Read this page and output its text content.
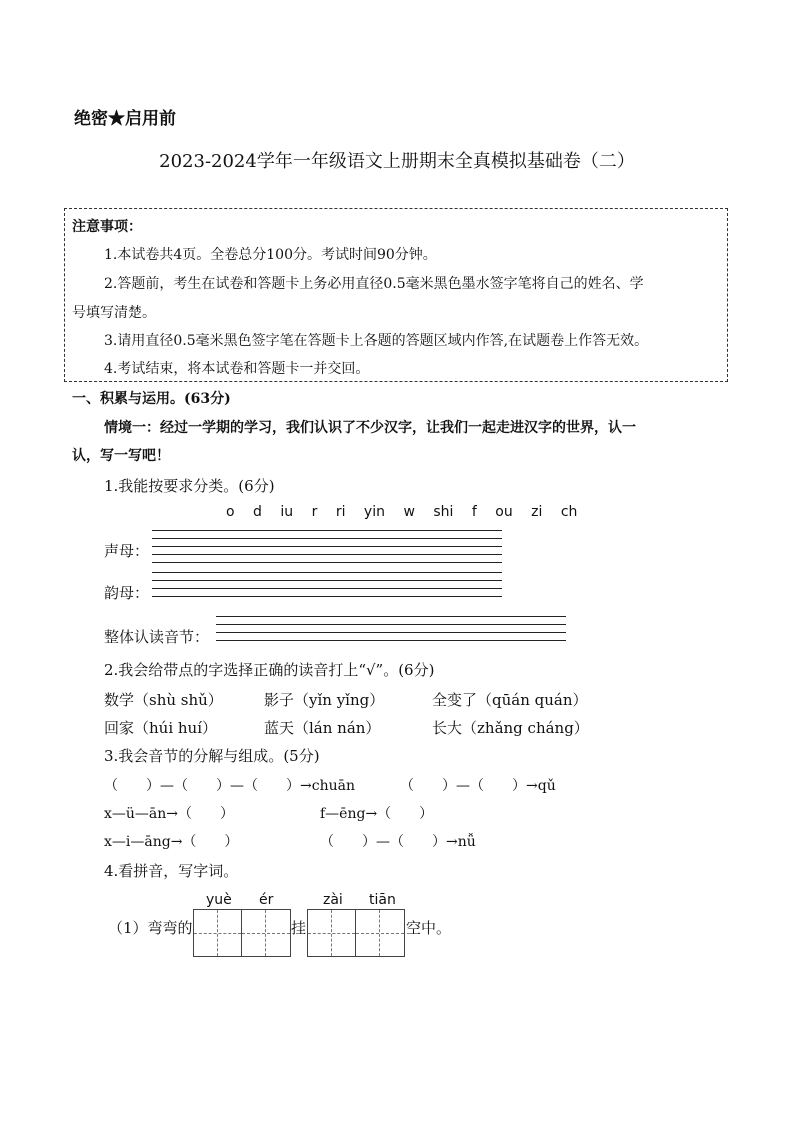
绝密★启用前
2023-2024学年一年级语文上册期末全真模拟基础卷（二）
注意事项：
1.本试卷共4页。全卷总分100分。考试时间90分钟。
2.答题前，考生在试卷和答题卡上务必用直径0.5毫米黑色墨水签字笔将自己的姓名、学
号填写清楚。
3.请用直径0.5毫米黑色签字笔在答题卡上各题的答题区域内作答,在试题卷上作答无效。
4.考试结束，将本试卷和答题卡一并交回。
一、积累与运用。(63分)
情境一：经过一学期的学习，我们认识了不少汉字，让我们一起走进汉字的世界，认一
认，写一写吧！
1.我能按要求分类。(6分)
o d iu r ri yin w shi f ou zi ch
声母：
韵母：
整体认读音节：
2.我会给带点的字选择正确的读音打上“√”。(6分)
数学（shù shǔ）	影子（yǐn yǐng）	全变了（qūán quán）
回家（húi huí）	蓝天（lán nán）	长大（zhǎng cháng）
3.我会音节的分解与组成。(5分)
（　　）—（　　）—（　　）→chuān	（　　）—（　　）→qǔ
x—ü—ān→（　　）	f—ēng→（　　）
x—i—āng→（　　）	（　　）—（　　）→nǚ
4.看拼音，写字词。
yuè ér	zài tiān
（1）弯弯的	挂	空中。
